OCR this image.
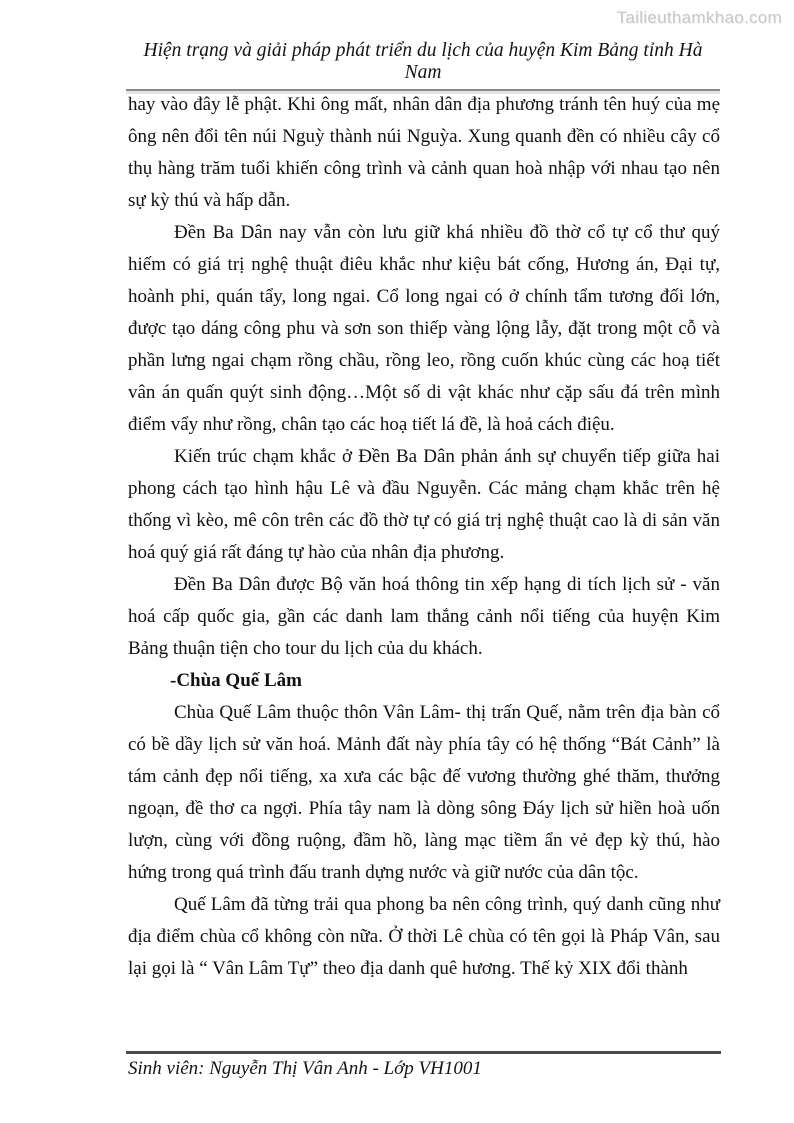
Tailieuthamkhao.com
Hiện trạng và giải pháp phát triển du lịch của huyện Kim Bảng tỉnh Hà Nam

hay vào đây lễ phật. Khi ông mất, nhân dân địa phương tránh tên huý của mẹ ông nên đổi tên núi Nguỳ thành núi Nguỳa. Xung quanh đền có nhiều cây cổ thụ hàng trăm tuổi khiến công trình và cảnh quan hoà nhập với nhau tạo nên sự kỳ thú và hấp dẫn.

Đền Ba Dân nay vẫn còn lưu giữ khá nhiều đồ thờ cổ tự cổ thư quý hiếm có giá trị nghệ thuật điêu khắc như kiệu bát cống, Hương án, Đại tự, hoành phi, quán tẩy, long ngai. Cổ long ngai có ở chính tẩm tương đối lớn, được tạo dáng công phu và sơn son thiếp vàng lộng lẫy, đặt trong một cỗ và phần lưng ngai chạm rồng chầu, rồng leo, rồng cuốn khúc cùng các hoạ tiết vân án quấn quýt sinh động…Một số di vật khác như cặp sấu đá trên mình điểm vẩy như rồng, chân tạo các hoạ tiết lá đề, là hoả cách điệu.

Kiến trúc chạm khắc ở Đền Ba Dân phản ánh sự chuyển tiếp giữa hai phong cách tạo hình hậu Lê và đầu Nguyễn. Các mảng chạm khắc trên hệ thống vì kèo, mê côn trên các đồ thờ tự có giá trị nghệ thuật cao là di sản văn hoá quý giá rất đáng tự hào của nhân địa phương.

Đền Ba Dân được Bộ văn hoá thông tin xếp hạng di tích lịch sử - văn hoá cấp quốc gia, gần các danh lam thắng cảnh nổi tiếng của huyện Kim Bảng thuận tiện cho tour du lịch của du khách.

-Chùa Quế Lâm

Chùa Quế Lâm thuộc thôn Vân Lâm- thị trấn Quế, nằm trên địa bàn cổ có bề dầy lịch sử văn hoá. Mảnh đất này phía tây có hệ thống “Bát Cảnh” là tám cảnh đẹp nổi tiếng, xa xưa các bậc đế vương thường ghé thăm, thưởng ngoạn, đề thơ ca ngợi. Phía tây nam là dòng sông Đáy lịch sử hiền hoà uốn lượn, cùng với đồng ruộng, đầm hồ, làng mạc tiềm ẩn vẻ đẹp kỳ thú, hào hứng trong quá trình đấu tranh dựng nước và giữ nước của dân tộc.

Quế Lâm đã từng trải qua phong ba nên công trình, quý danh cũng như địa điểm chùa cổ không còn nữa. Ở thời Lê chùa có tên gọi là Pháp Vân, sau lại gọi là “ Vân Lâm Tự” theo địa danh quê hương. Thế kỷ XIX đổi thành

Sinh viên: Nguyễn Thị Vân Anh - Lớp VH1001
